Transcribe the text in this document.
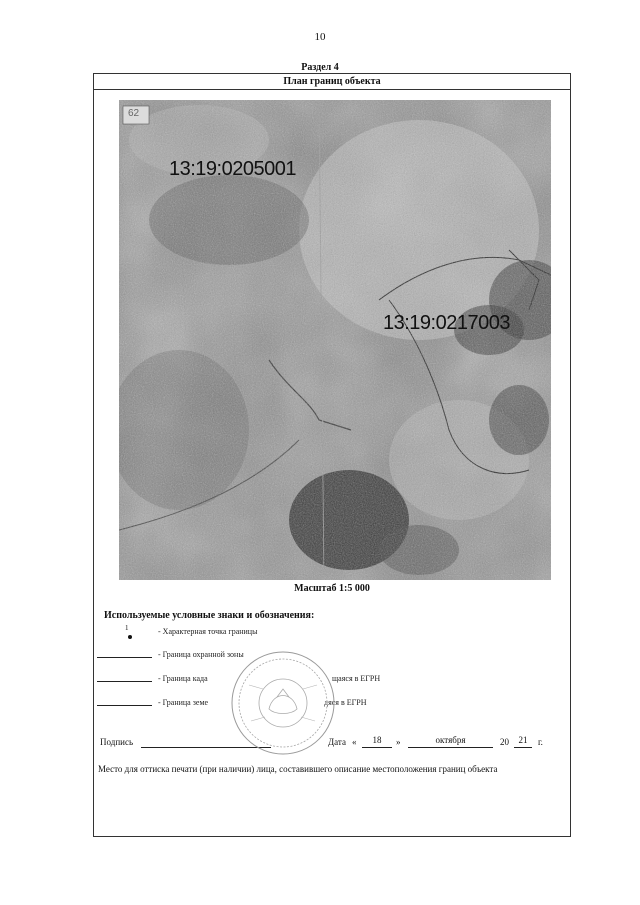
10
Раздел 4
План границ объекта
62
13:19:0205001
13:19:0217003
Масштаб 1:5 000
Используемые условные знаки и обозначения:
1	- Характерная точка границы
- Граница охранной зоны
- Граница када	щаяся в ЕГРН
- Граница земе	дяся в ЕГРН
Подпись	Дата «	18	»	октября	20	21	г.
Место для оттиска печати (при наличии) лица, составившего описание местоположения границ объекта
